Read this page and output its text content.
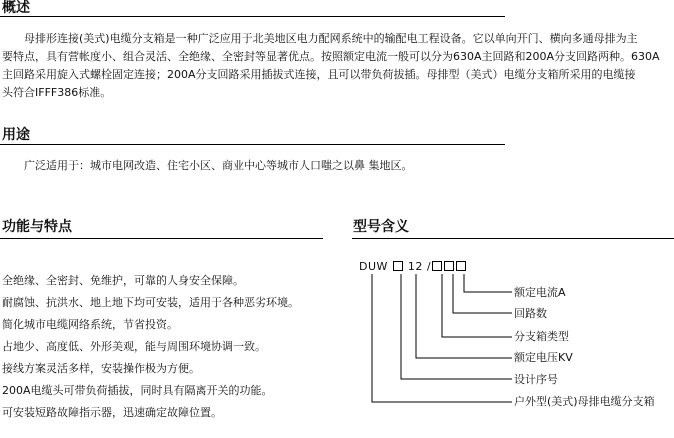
概述
母排形连接(美式)电缆分支箱是一种广泛应用于北美地区电力配网系统中的输配电工程设备。它以单向开门、横向多通母排为主
要特点，具有营帐度小、组合灵活、全绝缘、全密封等显著优点。按照额定电流一般可以分为630A主回路和200A分支回路两种。630A
主回路采用旋入式螺栓固定连接；200A分支回路采用插拔式连接，且可以带负荷拔插。母排型（美式）电缆分支箱所采用的电缆接
头符合IFFF386标准。
用途
广泛适用于：城市电网改造、住宅小区、商业中心等城市人口嗤之以鼻 集地区。
功能与特点
全绝缘、全密封、免维护，可靠的人身安全保障。
耐腐蚀、抗洪水、地上地下均可安装，适用于各种恶劣环境。
简化城市电缆网络系统，节省投资。
占地少、高度低、外形美观，能与周围环境协调一致。
接线方案灵活多样，安装操作极为方便。
200A电缆头可带负荷插拔，同时具有隔离开关的功能。
可安装短路故障指示器，迅速确定故障位置。
型号含义
DUW 12 /
额定电流A
回路数
分支箱类型
额定电压KV
设计序号
户外型(美式)母排电缆分支箱
